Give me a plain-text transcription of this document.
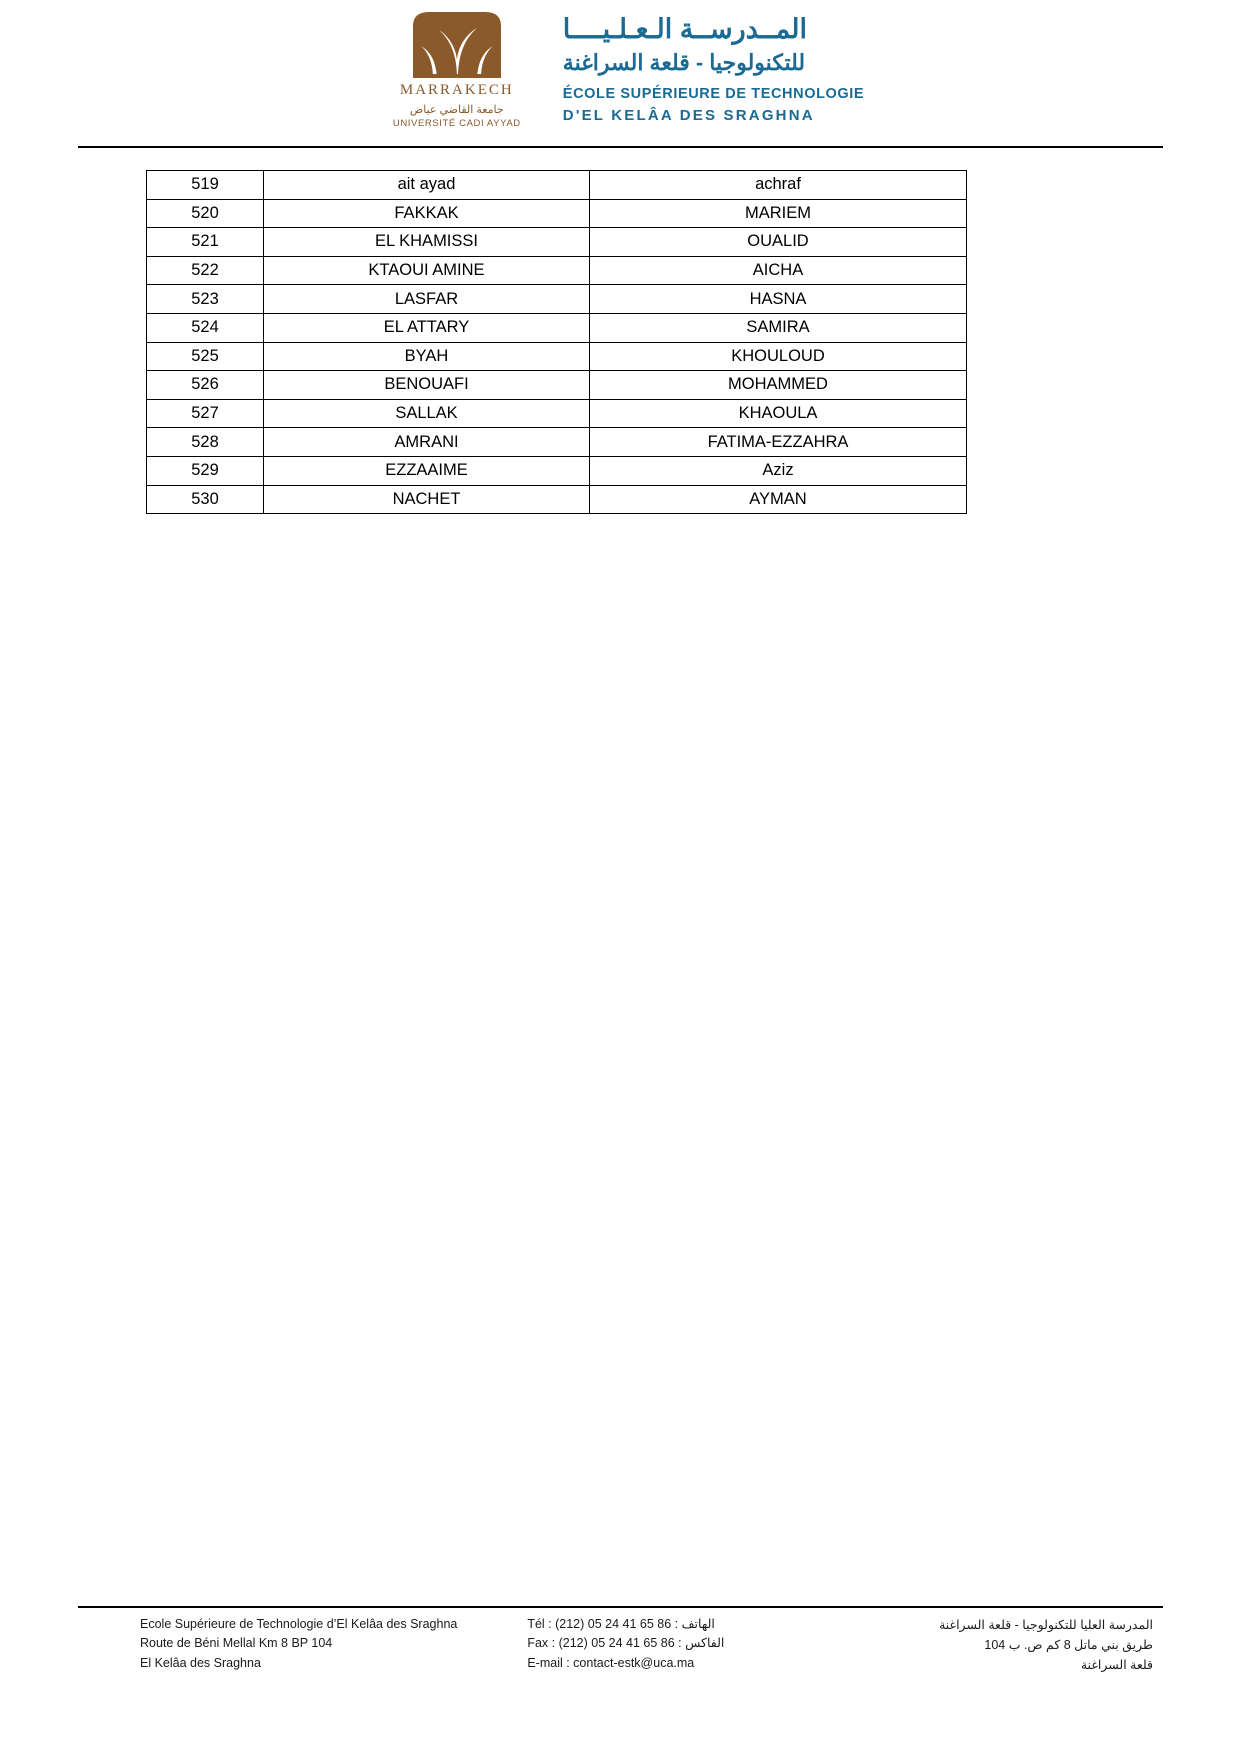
MARRAKECH
جامعة القاضي عياض
UNIVERSITÉ CADI AYYAD
المــدرســة الـعـلـيــــا
للتكنولوجيا - قلعة السراغنة
ÉCOLE SUPÉRIEURE DE TECHNOLOGIE
D'EL KELÂA DES SRAGHNA
519	ait ayad	achraf
520	FAKKAK	MARIEM
521	EL KHAMISSI	OUALID
522	KTAOUI AMINE	AICHA
523	LASFAR	HASNA
524	EL ATTARY	SAMIRA
525	BYAH	KHOULOUD
526	BENOUAFI	MOHAMMED
527	SALLAK	KHAOULA
528	AMRANI	FATIMA-EZZAHRA
529	EZZAAIME	Aziz
530	NACHET	AYMAN
Ecole Supérieure de Technologie d’El Kelâa des Sraghna
Route de Béni Mellal Km 8 BP 104
El Kelâa des Sraghna
Tél : (212) 05 24 41 65 86 : الهاتف
Fax : (212) 05 24 41 65 86 : الفاكس
E-mail : contact-estk@uca.ma
المدرسة العليا للتكنولوجيا - قلعة السراغنة
طريق بني ماتل 8 كم ص. ب 104
قلعة السراغنة
